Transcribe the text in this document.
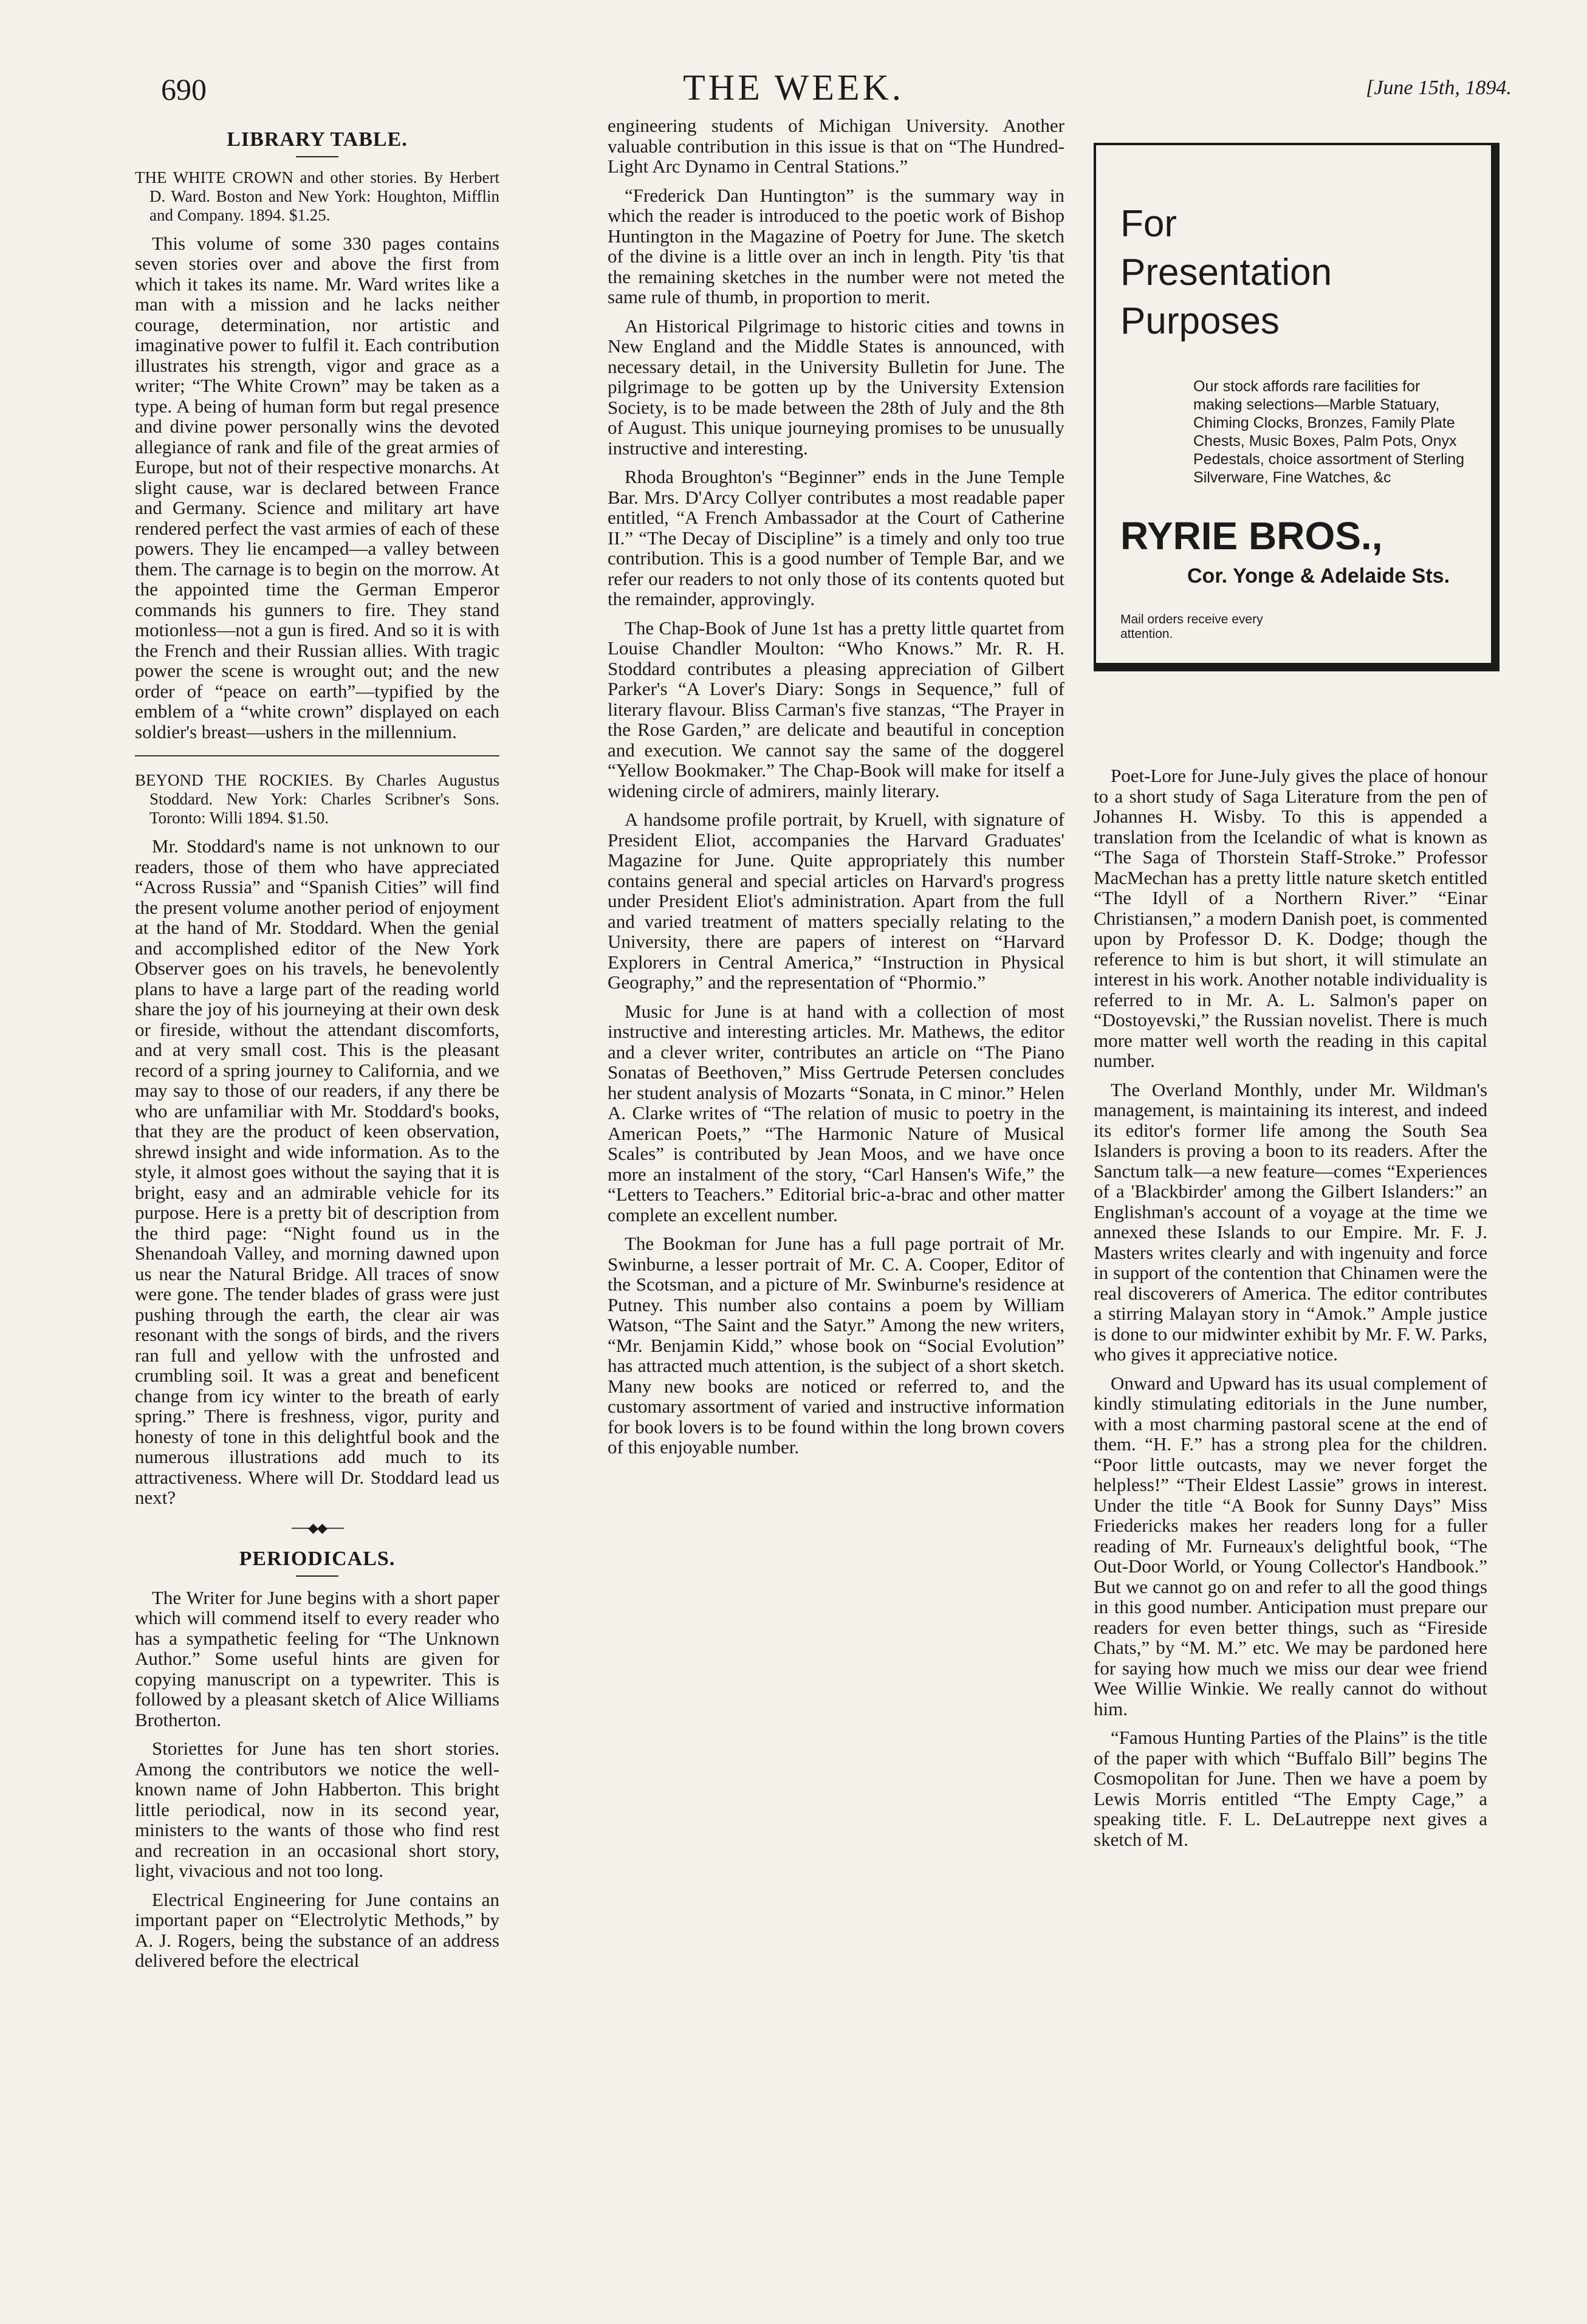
690	THE WEEK.	[June 15th, 1894.
LIBRARY TABLE.
THE WHITE CROWN and other stories. By Herbert D. Ward. Boston and New York: Houghton, Mifflin and Company. 1894. $1.25.

This volume of some 330 pages contains seven stories over and above the first from which it takes its name. Mr. Ward writes like a man with a mission and he lacks neither courage, determination, nor artistic and imaginative power to fulfil it. Each contribution illustrates his strength, vigor and grace as a writer; “The White Crown” may be taken as a type. A being of human form but regal presence and divine power personally wins the devoted allegiance of rank and file of the great armies of Europe, but not of their respective monarchs. At slight cause, war is declared between France and Germany. Science and military art have rendered perfect the vast armies of each of these powers. They lie encamped—a valley between them. The carnage is to begin on the morrow. At the appointed time the German Emperor commands his gunners to fire. They stand motionless—not a gun is fired. And so it is with the French and their Russian allies. With tragic power the scene is wrought out; and the new order of “peace on earth”—typified by the emblem of a “white crown” displayed on each soldier's breast—ushers in the millennium.

BEYOND THE ROCKIES. By Charles Augustus Stoddard. New York: Charles Scribner's Sons. Toronto: Willi 1894. $1.50.

Mr. Stoddard's name is not unknown to our readers, those of them who have appreciated “Across Russia” and “Spanish Cities” will find the present volume another period of enjoyment at the hand of Mr. Stoddard. When the genial and accomplished editor of the New York Observer goes on his travels, he benevolently plans to have a large part of the reading world share the joy of his journeying at their own desk or fireside, without the attendant discomforts, and at very small cost. This is the pleasant record of a spring journey to California, and we may say to those of our readers, if any there be who are unfamiliar with Mr. Stoddard's books, that they are the product of keen observation, shrewd insight and wide information. As to the style, it almost goes without the saying that it is bright, easy and an admirable vehicle for its purpose. Here is a pretty bit of description from the third page: “Night found us in the Shenandoah Valley, and morning dawned upon us near the Natural Bridge. All traces of snow were gone. The tender blades of grass were just pushing through the earth, the clear air was resonant with the songs of birds, and the rivers ran full and yellow with the unfrosted and crumbling soil. It was a great and beneficent change from icy winter to the breath of early spring.” There is freshness, vigor, purity and honesty of tone in this delightful book and the numerous illustrations add much to its attractiveness. Where will Dr. Stoddard lead us next?

──◆◆──
PERIODICALS.

The Writer for June begins with a short paper which will commend itself to every reader who has a sympathetic feeling for “The Unknown Author.” Some useful hints are given for copying manuscript on a typewriter. This is followed by a pleasant sketch of Alice Williams Brotherton.

Storiettes for June has ten short stories. Among the contributors we notice the well-known name of John Habberton. This bright little periodical, now in its second year, ministers to the wants of those who find rest and recreation in an occasional short story, light, vivacious and not too long.

Electrical Engineering for June contains an important paper on “Electrolytic Methods,” by A. J. Rogers, being the substance of an address delivered before the electrical

engineering students of Michigan University. Another valuable contribution in this issue is that on “The Hundred-Light Arc Dynamo in Central Stations.”

“Frederick Dan Huntington” is the summary way in which the reader is introduced to the poetic work of Bishop Huntington in the Magazine of Poetry for June. The sketch of the divine is a little over an inch in length. Pity 'tis that the remaining sketches in the number were not meted the same rule of thumb, in proportion to merit.

An Historical Pilgrimage to historic cities and towns in New England and the Middle States is announced, with necessary detail, in the University Bulletin for June. The pilgrimage to be gotten up by the University Extension Society, is to be made between the 28th of July and the 8th of August. This unique journeying promises to be unusually instructive and interesting.

Rhoda Broughton's “Beginner” ends in the June Temple Bar. Mrs. D'Arcy Collyer contributes a most readable paper entitled, “A French Ambassador at the Court of Catherine II.” “The Decay of Discipline” is a timely and only too true contribution. This is a good number of Temple Bar, and we refer our readers to not only those of its contents quoted but the remainder, approvingly.

The Chap-Book of June 1st has a pretty little quartet from Louise Chandler Moulton: “Who Knows.” Mr. R. H. Stoddard contributes a pleasing appreciation of Gilbert Parker's “A Lover's Diary: Songs in Sequence,” full of literary flavour. Bliss Carman's five stanzas, “The Prayer in the Rose Garden,” are delicate and beautiful in conception and execution. We cannot say the same of the doggerel “Yellow Bookmaker.” The Chap-Book will make for itself a widening circle of admirers, mainly literary.

A handsome profile portrait, by Kruell, with signature of President Eliot, accompanies the Harvard Graduates' Magazine for June. Quite appropriately this number contains general and special articles on Harvard's progress under President Eliot's administration. Apart from the full and varied treatment of matters specially relating to the University, there are papers of interest on “Harvard Explorers in Central America,” “Instruction in Physical Geography,” and the representation of “Phormio.”

Music for June is at hand with a collection of most instructive and interesting articles. Mr. Mathews, the editor and a clever writer, contributes an article on “The Piano Sonatas of Beethoven,” Miss Gertrude Petersen concludes her student analysis of Mozarts “Sonata, in C minor.” Helen A. Clarke writes of “The relation of music to poetry in the American Poets,” “The Harmonic Nature of Musical Scales” is contributed by Jean Moos, and we have once more an instalment of the story, “Carl Hansen's Wife,” the “Letters to Teachers.” Editorial bric-a-brac and other matter complete an excellent number.

The Bookman for June has a full page portrait of Mr. Swinburne, a lesser portrait of Mr. C. A. Cooper, Editor of the Scotsman, and a picture of Mr. Swinburne's residence at Putney. This number also contains a poem by William Watson, “The Saint and the Satyr.” Among the new writers, “Mr. Benjamin Kidd,” whose book on “Social Evolution” has attracted much attention, is the subject of a short sketch. Many new books are noticed or referred to, and the customary assortment of varied and instructive information for book lovers is to be found within the long brown covers of this enjoyable number.

For
Presentation
Purposes
Our stock affords rare facilities for making selections—Marble Statuary, Chiming Clocks, Bronzes, Family Plate Chests, Music Boxes, Palm Pots, Onyx Pedestals, choice assortment of Sterling Silverware, Fine Watches, &c
RYRIE BROS.,
Cor. Yonge & Adelaide Sts.
Mail orders receive every attention.

Poet-Lore for June-July gives the place of honour to a short study of Saga Literature from the pen of Johannes H. Wisby. To this is appended a translation from the Icelandic of what is known as “The Saga of Thorstein Staff-Stroke.” Professor MacMechan has a pretty little nature sketch entitled “The Idyll of a Northern River.” “Einar Christiansen,” a modern Danish poet, is commented upon by Professor D. K. Dodge; though the reference to him is but short, it will stimulate an interest in his work. Another notable individuality is referred to in Mr. A. L. Salmon's paper on “Dostoyevski,” the Russian novelist. There is much more matter well worth the reading in this capital number.

The Overland Monthly, under Mr. Wildman's management, is maintaining its interest, and indeed its editor's former life among the South Sea Islanders is proving a boon to its readers. After the Sanctum talk—a new feature—comes “Experiences of a 'Blackbirder' among the Gilbert Islanders:” an Englishman's account of a voyage at the time we annexed these Islands to our Empire. Mr. F. J. Masters writes clearly and with ingenuity and force in support of the contention that Chinamen were the real discoverers of America. The editor contributes a stirring Malayan story in “Amok.” Ample justice is done to our midwinter exhibit by Mr. F. W. Parks, who gives it appreciative notice.

Onward and Upward has its usual complement of kindly stimulating editorials in the June number, with a most charming pastoral scene at the end of them. “H. F.” has a strong plea for the children. “Poor little outcasts, may we never forget the helpless!” “Their Eldest Lassie” grows in interest. Under the title “A Book for Sunny Days” Miss Friedericks makes her readers long for a fuller reading of Mr. Furneaux's delightful book, “The Out-Door World, or Young Collector's Handbook.” But we cannot go on and refer to all the good things in this good number. Anticipation must prepare our readers for even better things, such as “Fireside Chats,” by “M. M.” etc. We may be pardoned here for saying how much we miss our dear wee friend Wee Willie Winkie. We really cannot do without him.

“Famous Hunting Parties of the Plains” is the title of the paper with which “Buffalo Bill” begins The Cosmopolitan for June. Then we have a poem by Lewis Morris entitled “The Empty Cage,” a speaking title. F. L. DeLautreppe next gives a sketch of M.
